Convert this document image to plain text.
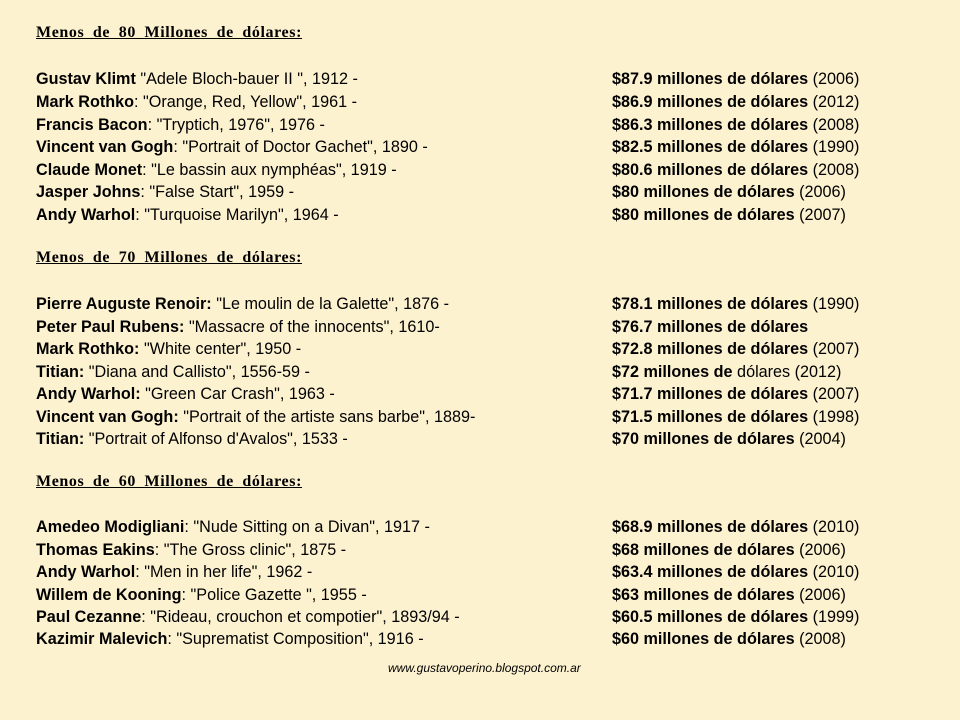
Menos de 80 Millones de dólares:
Gustav Klimt "Adele Bloch-bauer II ", 1912 -	$87.9 millones de dólares (2006)
Mark Rothko: "Orange, Red, Yellow", 1961 -	$86.9 millones de dólares (2012)
Francis Bacon: "Tryptich, 1976", 1976 -	$86.3 millones de dólares (2008)
Vincent van Gogh: "Portrait of Doctor Gachet", 1890 -	$82.5 millones de dólares (1990)
Claude Monet: "Le bassin aux nymphéas", 1919 -	$80.6 millones de dólares (2008)
Jasper Johns: "False Start", 1959 -	$80 millones de dólares (2006)
Andy Warhol: "Turquoise Marilyn", 1964 -	$80 millones de dólares (2007)
Menos de 70 Millones de dólares:
Pierre Auguste Renoir: "Le moulin de la Galette", 1876 -	$78.1 millones de dólares (1990)
Peter Paul Rubens: "Massacre of the innocents", 1610-	$76.7 millones de dólares
Mark Rothko: "White center", 1950 -	$72.8 millones de dólares (2007)
Titian: "Diana and Callisto", 1556-59 -	$72 millones de dólares (2012)
Andy Warhol: "Green Car Crash", 1963 -	$71.7 millones de dólares (2007)
Vincent van Gogh: "Portrait of the artiste sans barbe", 1889-	$71.5 millones de dólares (1998)
Titian: "Portrait of Alfonso d'Avalos", 1533 -	$70 millones de dólares (2004)
Menos de 60 Millones de dólares:
Amedeo Modigliani: "Nude Sitting on a Divan", 1917 -	$68.9 millones de dólares (2010)
Thomas Eakins: "The Gross clinic", 1875 -	$68 millones de dólares (2006)
Andy Warhol: "Men in her life", 1962 -	$63.4 millones de dólares (2010)
Willem de Kooning: "Police Gazette ", 1955 -	$63 millones de dólares (2006)
Paul Cezanne: "Rideau, crouchon et compotier", 1893/94 -	$60.5 millones de dólares (1999)
Kazimir Malevich: "Suprematist Composition", 1916 -	$60 millones de dólares (2008)
www.gustavoperino.blogspot.com.ar
